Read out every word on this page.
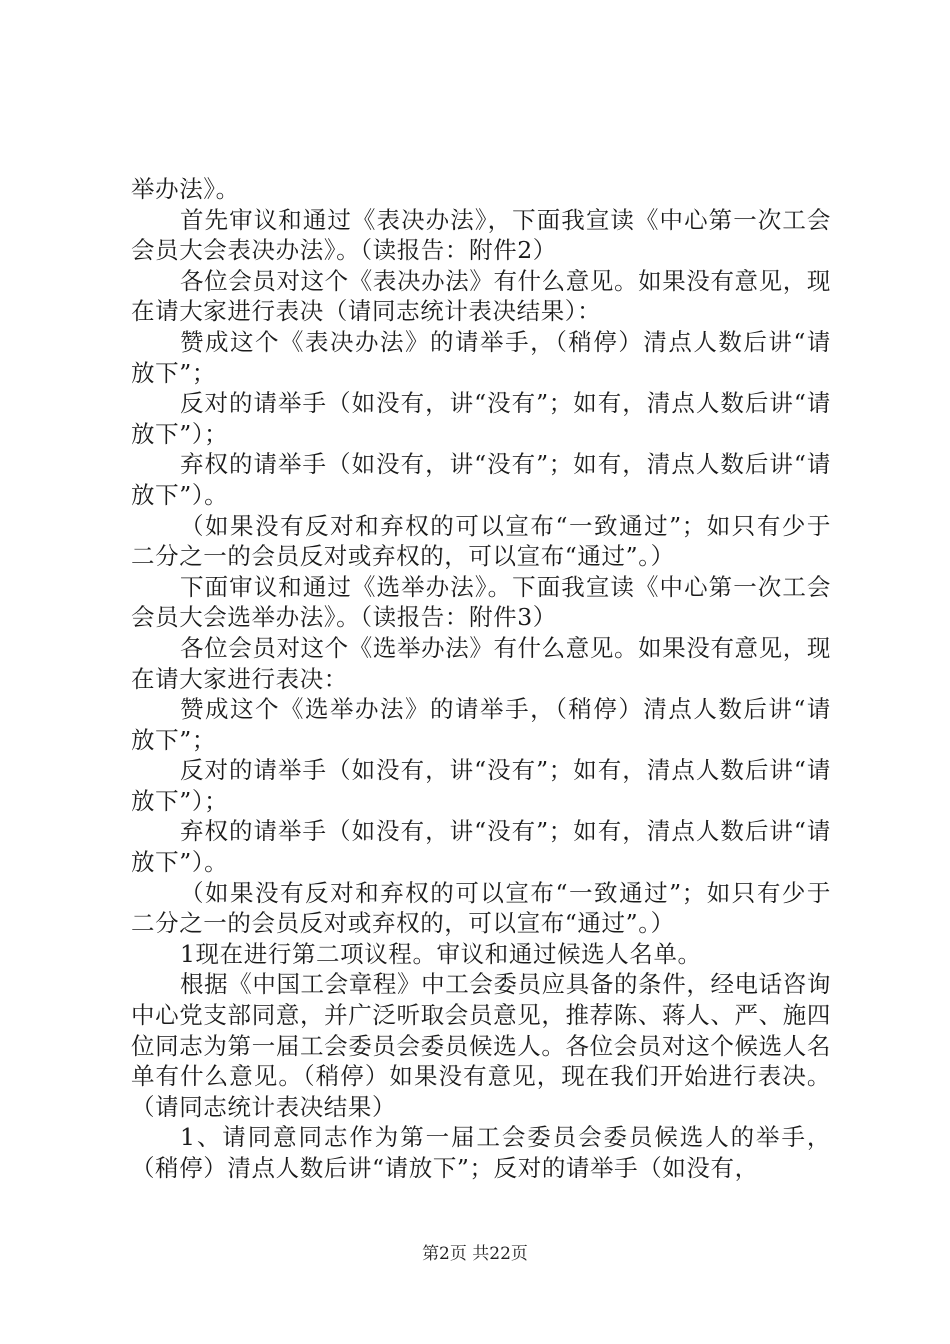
举办法》。

首先审议和通过《表决办法》，下面我宣读《中心第一次工会会员大会表决办法》。（读报告：附件2）

各位会员对这个《表决办法》有什么意见。如果没有意见，现在请大家进行表决（请同志统计表决结果）：

赞成这个《表决办法》的请举手，（稍停）清点人数后讲“请放下”；

反对的请举手（如没有，讲“没有”；如有，清点人数后讲“请放下”）；

弃权的请举手（如没有，讲“没有”；如有，清点人数后讲“请放下”）。

（如果没有反对和弃权的可以宣布“一致通过”；如只有少于二分之一的会员反对或弃权的，可以宣布“通过”。）

下面审议和通过《选举办法》。下面我宣读《中心第一次工会会员大会选举办法》。（读报告：附件3）

各位会员对这个《选举办法》有什么意见。如果没有意见，现在请大家进行表决：

赞成这个《选举办法》的请举手，（稍停）清点人数后讲“请放下”；

反对的请举手（如没有，讲“没有”；如有，清点人数后讲“请放下”）；

弃权的请举手（如没有，讲“没有”；如有，清点人数后讲“请放下”）。

（如果没有反对和弃权的可以宣布“一致通过”；如只有少于二分之一的会员反对或弃权的，可以宣布“通过”。）

1现在进行第二项议程。审议和通过候选人名单。

根据《中国工会章程》中工会委员应具备的条件，经电话咨询中心党支部同意，并广泛听取会员意见，推荐陈、蒋人、严、施四位同志为第一届工会委员会委员候选人。各位会员对这个候选人名单有什么意见。（稍停）如果没有意见，现在我们开始进行表决。（请同志统计表决结果）

1、请同意同志作为第一届工会委员会委员候选人的举手，（稍停）清点人数后讲“请放下”；反对的请举手（如没有，

第2页 共22页
